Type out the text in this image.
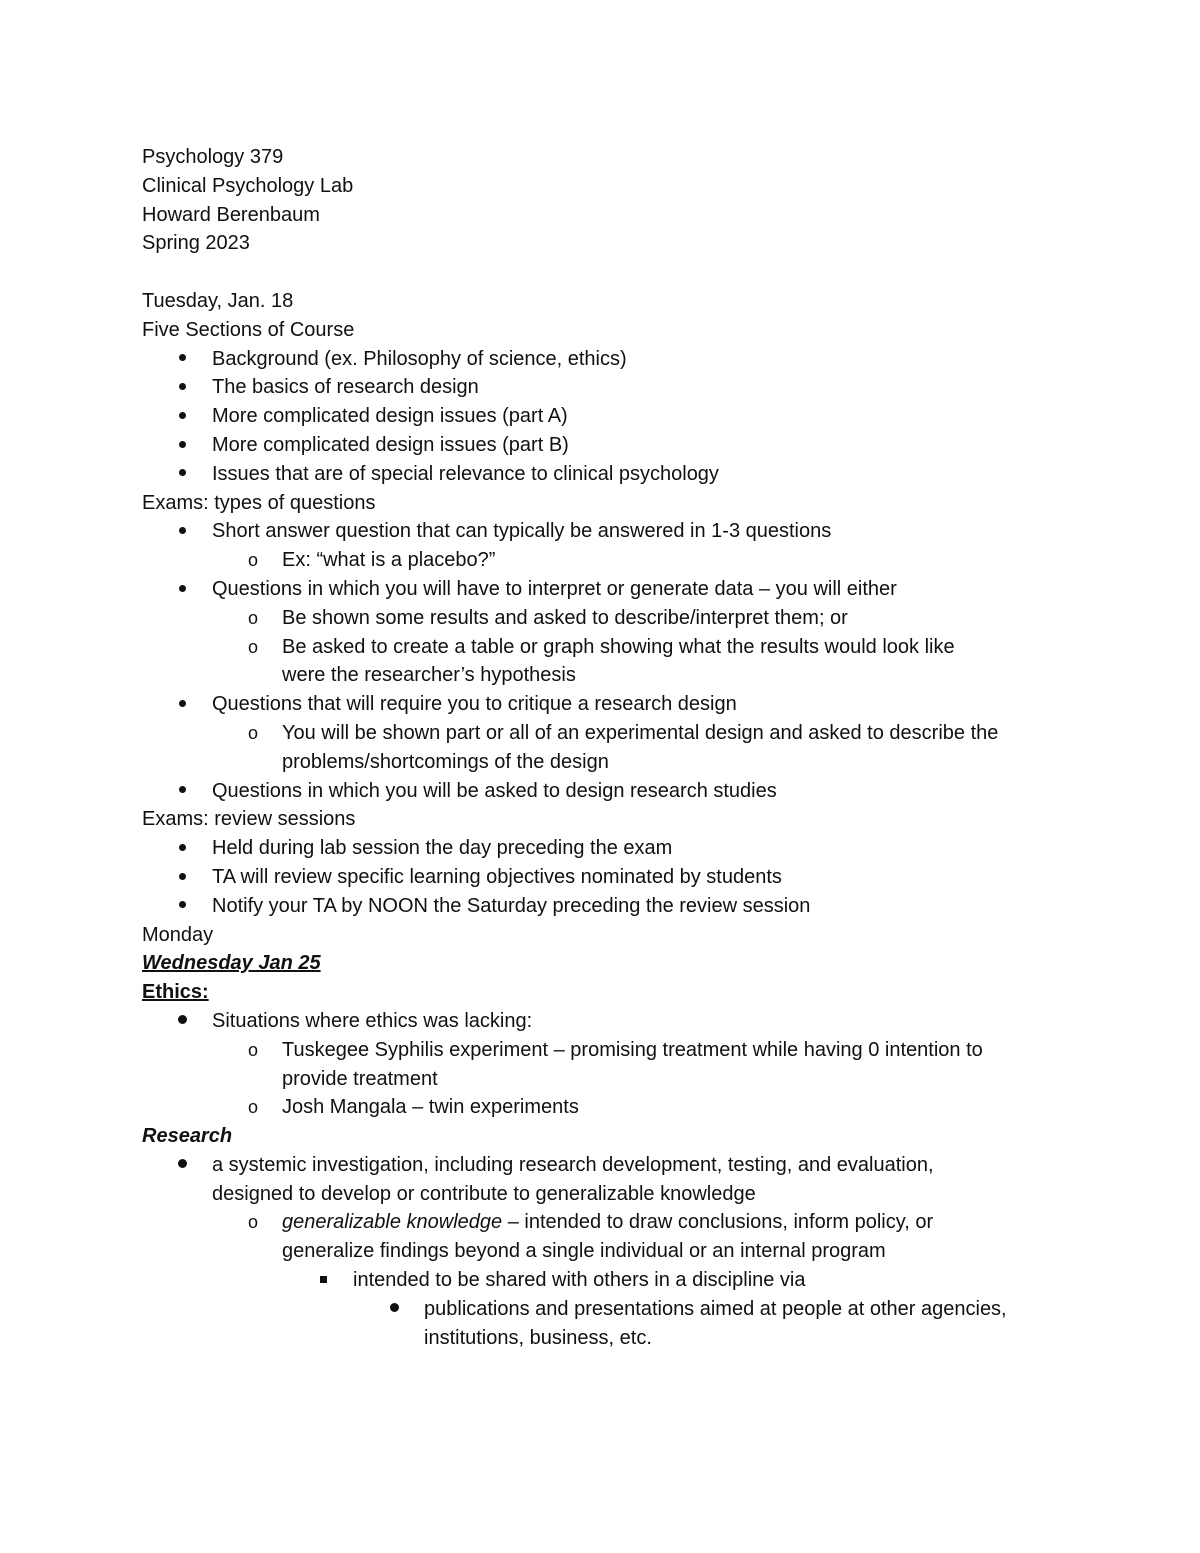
Psychology 379
Clinical Psychology Lab
Howard Berenbaum
Spring 2023
Tuesday, Jan. 18
Five Sections of Course
Background (ex. Philosophy of science, ethics)
The basics of research design
More complicated design issues (part A)
More complicated design issues (part B)
Issues that are of special relevance to clinical psychology
Exams: types of questions
Short answer question that can typically be answered in 1-3 questions
o Ex: “what is a placebo?”
Questions in which you will have to interpret or generate data – you will either
o Be shown some results and asked to describe/interpret them; or
o Be asked to create a table or graph showing what the results would look like
were the researcher’s hypothesis
Questions that will require you to critique a research design
o You will be shown part or all of an experimental design and asked to describe the
problems/shortcomings of the design
Questions in which you will be asked to design research studies
Exams: review sessions
Held during lab session the day preceding the exam
TA will review specific learning objectives nominated by students
Notify your TA by NOON the Saturday preceding the review session
Monday
Wednesday Jan 25
Ethics:
Situations where ethics was lacking:
o Tuskegee Syphilis experiment – promising treatment while having 0 intention to
provide treatment
o Josh Mangala – twin experiments
Research
a systemic investigation, including research development, testing, and evaluation,
designed to develop or contribute to generalizable knowledge
o generalizable knowledge – intended to draw conclusions, inform policy, or
generalize findings beyond a single individual or an internal program
intended to be shared with others in a discipline via
publications and presentations aimed at people at other agencies,
institutions, business, etc.
